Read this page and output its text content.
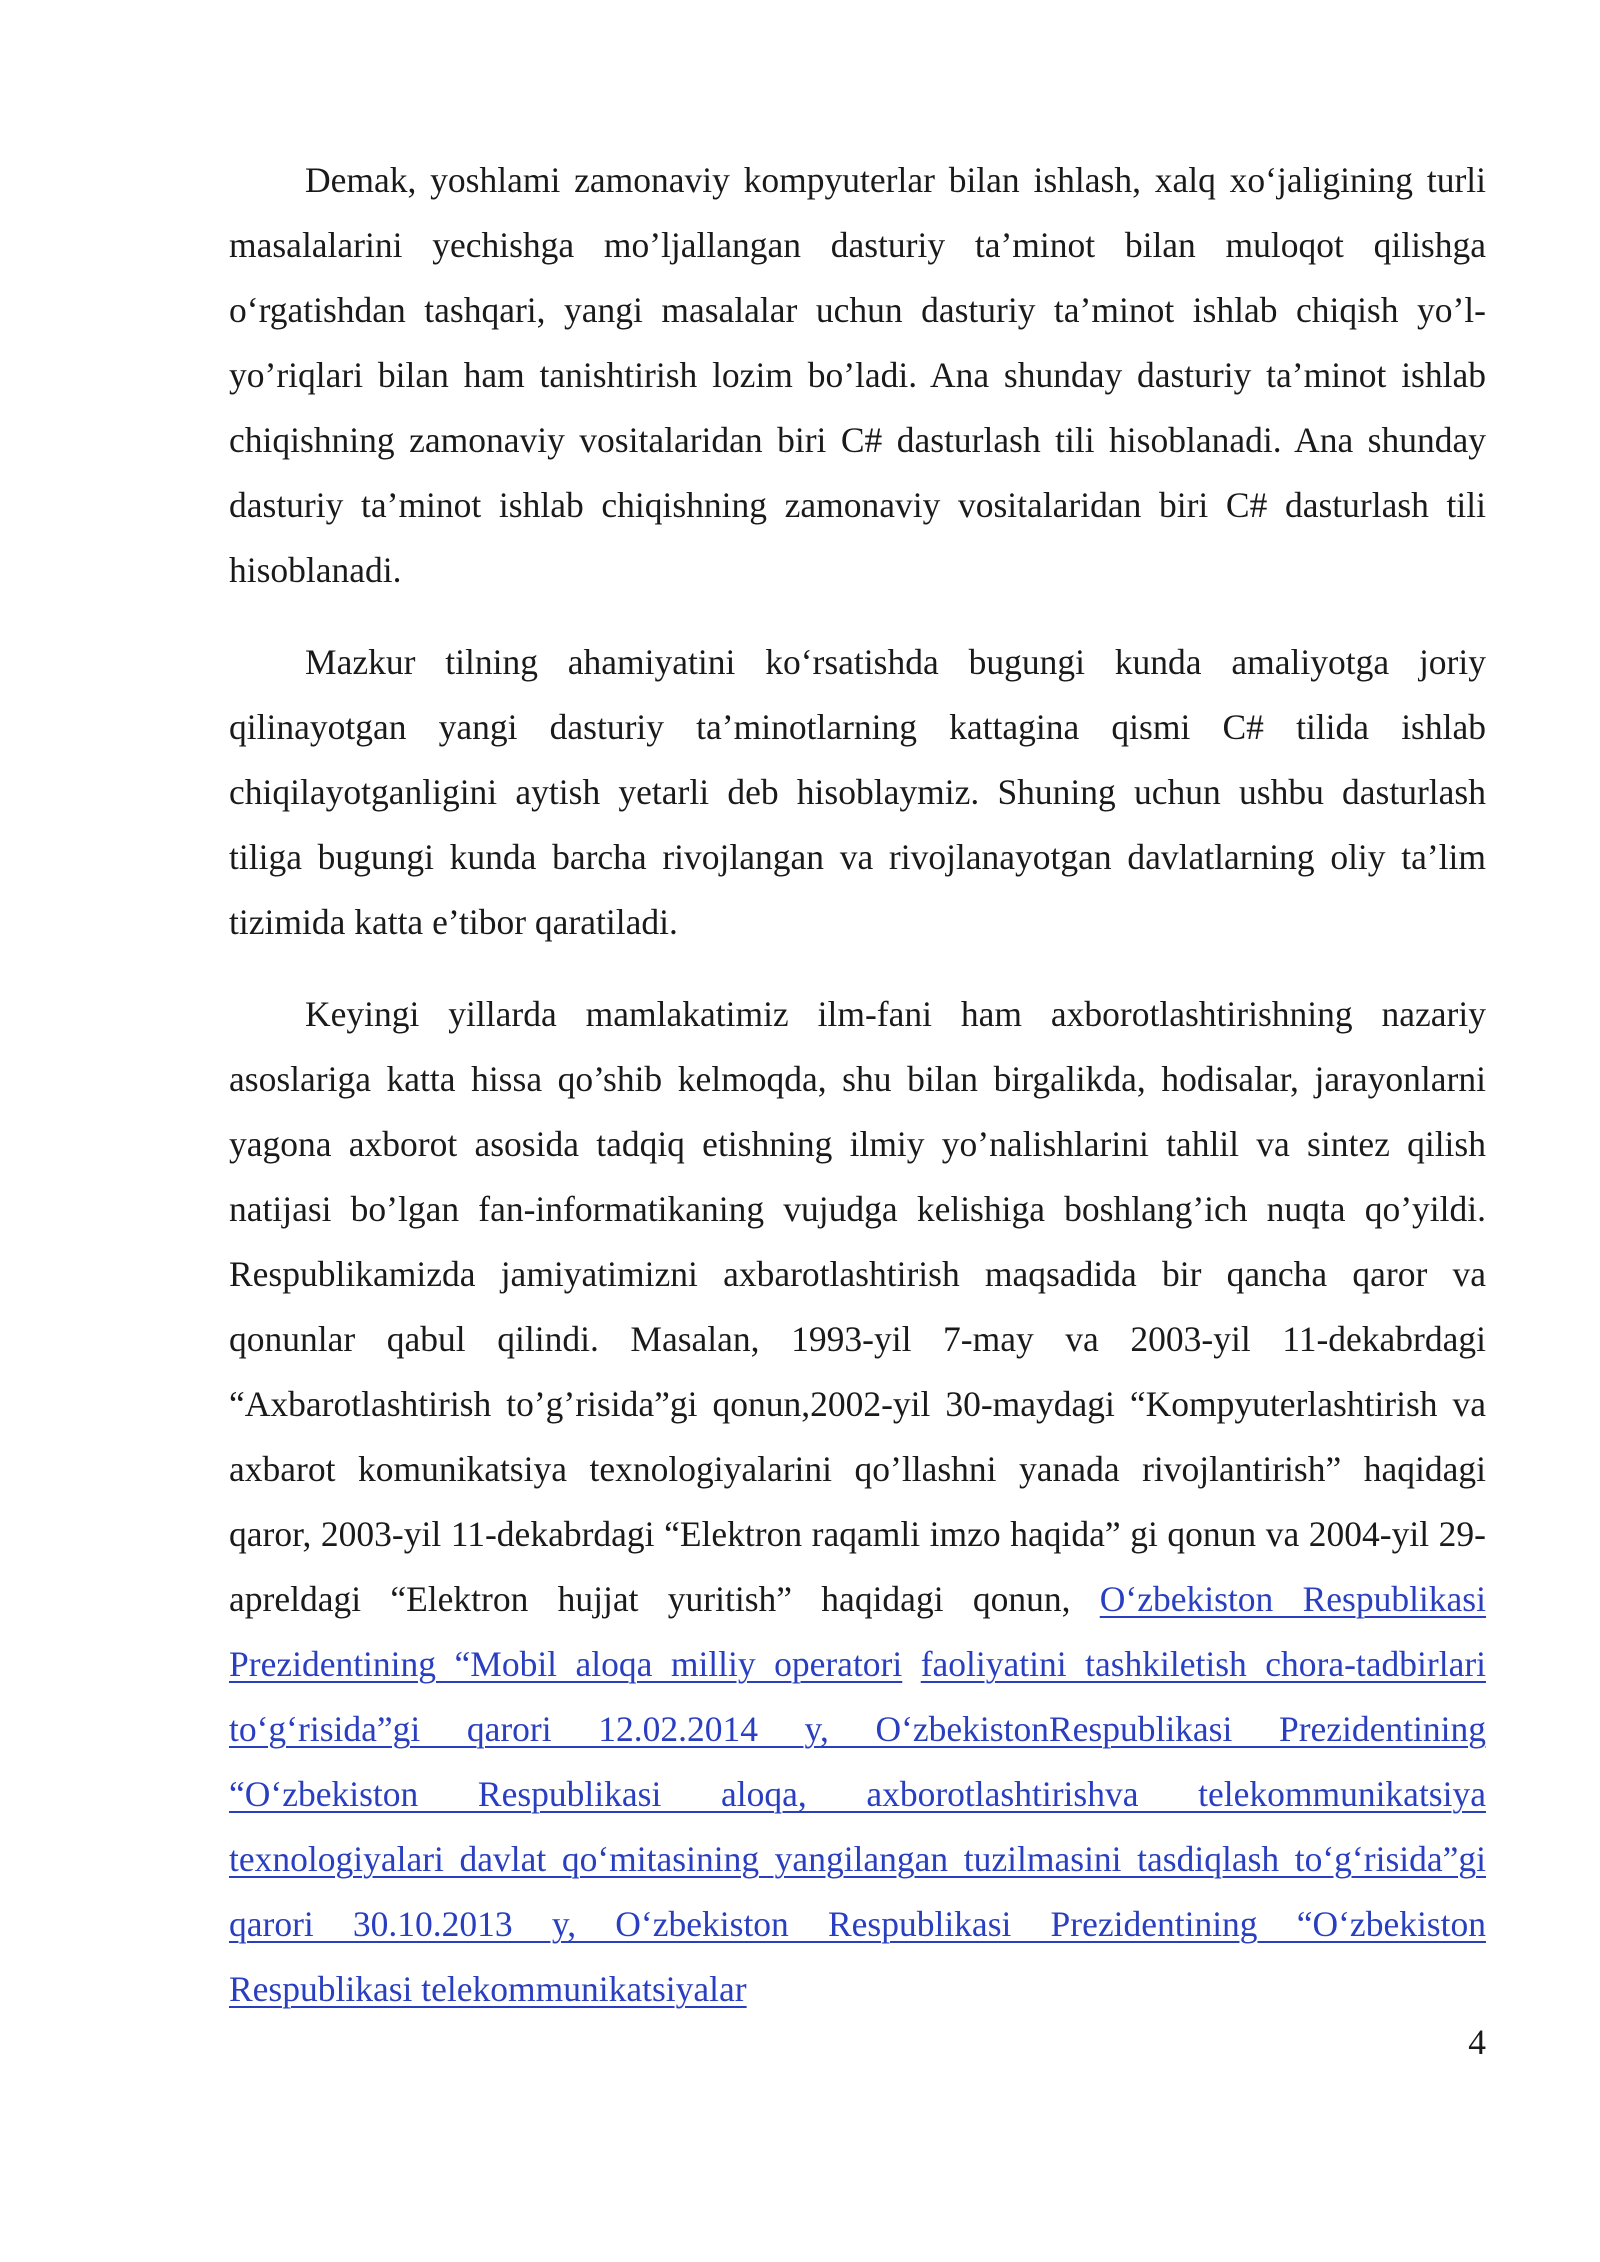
Demak, yoshlami zamonaviy kompyuterlar bilan ishlash, xalq xo‘jaligining turli masalalarini yechishga mo’ljallangan dasturiy ta’minot bilan muloqot qilishga o‘rgatishdan tashqari, yangi masalalar uchun dasturiy ta’minot ishlab chiqish yo’l-yo’riqlari bilan ham tanishtirish lozim bo’ladi. Ana shunday dasturiy ta’minot ishlab chiqishning zamonaviy vositalaridan biri C# dasturlash tili hisoblanadi. Ana shunday dasturiy ta’minot ishlab chiqishning zamonaviy vositalaridan biri C# dasturlash tili hisoblanadi.

Mazkur tilning ahamiyatini ko‘rsatishda bugungi kunda amaliyotga joriy qilinayotgan yangi dasturiy ta’minotlarning kattagina qismi C# tilida ishlab chiqilayotganligini aytish yetarli deb hisoblaymiz. Shuning uchun ushbu dasturlash tiliga bugungi kunda barcha rivojlangan va rivojlanayotgan davlatlarning oliy ta’lim tizimida katta e’tibor qaratiladi.

Keyingi yillarda mamlakatimiz ilm-fani ham axborotlashtirishning nazariy asoslariga katta hissa qo’shib kelmoqda, shu bilan birgalikda, hodisalar, jarayonlarni yagona axborot asosida tadqiq etishning ilmiy yo’nalishlarini tahlil va sintez qilish natijasi bo’lgan fan-informatikaning vujudga kelishiga boshlang’ich nuqta qo’yildi. Respublikamizda jamiyatimizni axbarotlashtirish maqsadida bir qancha qaror va qonunlar qabul qilindi. Masalan, 1993-yil 7-may va 2003-yil 11-dekabrdagi “Axbarotlashtirish to’g’risida”gi qonun,2002-yil 30-maydagi “Kompyuterlashtirish va axbarot komunikatsiya texnologiyalarini qo’llashni yanada rivojlantirish” haqidagi qaror, 2003-yil 11-dekabrdagi “Elektron raqamli imzo haqida” gi qonun va 2004-yil 29-apreldagi “Elektron hujjat yuritish” haqidagi qonun, O‘zbekiston Respublikasi Prezidentining “Mobil aloqa milliy operatori faoliyatini tashkiletish chora-tadbirlari to‘g‘risida”gi qarori 12.02.2014 y, O‘zbekistonRespublikasi Prezidentining “O‘zbekiston Respublikasi aloqa, axborotlashtirishva telekommunikatsiya texnologiyalari davlat qo‘mitasining yangilangan tuzilmasini tasdiqlash to‘g‘risida”gi qarori 30.10.2013 y, O‘zbekiston Respublikasi Prezidentining “O‘zbekiston Respublikasi telekommunikatsiyalar

4
